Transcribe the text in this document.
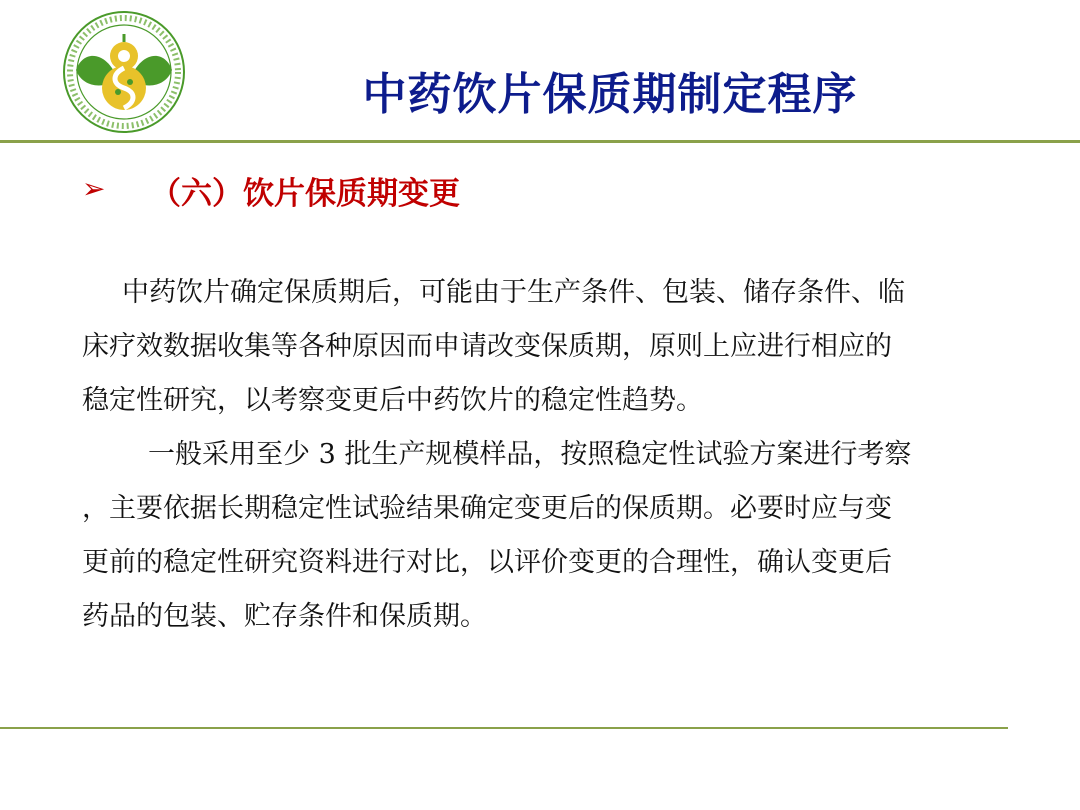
中药饮片保质期制定程序
➢ （六）饮片保质期变更
中药饮片确定保质期后，可能由于生产条件、包装、储存条件、临
床疗效数据收集等各种原因而申请改变保质期，原则上应进行相应的
稳定性研究，以考察变更后中药饮片的稳定性趋势。
一般采用至少 3 批生产规模样品，按照稳定性试验方案进行考察
，主要依据长期稳定性试验结果确定变更后的保质期。必要时应与变
更前的稳定性研究资料进行对比，以评价变更的合理性，确认变更后
药品的包装、贮存条件和保质期。
